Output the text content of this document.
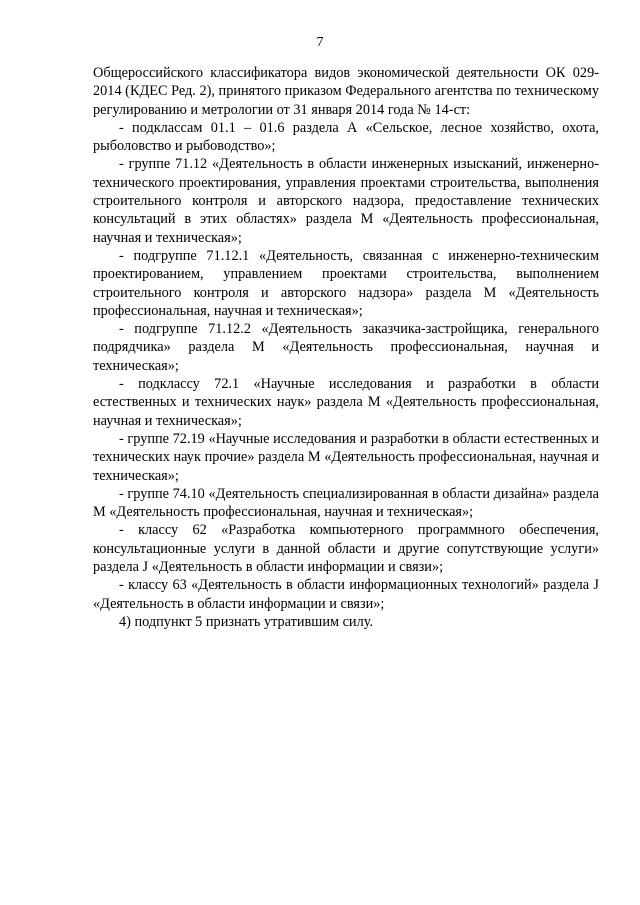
7

Общероссийского классификатора видов экономической деятельности ОК 029-2014 (КДЕС Ред. 2), принятого приказом Федерального агентства по техническому регулированию и метрологии от 31 января 2014 года № 14-ст:

- подклассам 01.1 – 01.6 раздела А «Сельское, лесное хозяйство, охота, рыболовство и рыбоводство»;

- группе 71.12 «Деятельность в области инженерных изысканий, инженерно-технического проектирования, управления проектами строительства, выполнения строительного контроля и авторского надзора, предоставление технических консультаций в этих областях» раздела М «Деятельность профессиональная, научная и техническая»;

- подгруппе 71.12.1 «Деятельность, связанная с инженерно-техническим проектированием, управлением проектами строительства, выполнением строительного контроля и авторского надзора» раздела М «Деятельность профессиональная, научная и техническая»;

- подгруппе 71.12.2 «Деятельность заказчика-застройщика, генерального подрядчика» раздела М «Деятельность профессиональная, научная и техническая»;

- подклассу 72.1 «Научные исследования и разработки в области естественных и технических наук» раздела М «Деятельность профессиональная, научная и техническая»;

- группе 72.19 «Научные исследования и разработки в области естественных и технических наук прочие» раздела М «Деятельность профессиональная, научная и техническая»;

- группе 74.10 «Деятельность специализированная в области дизайна» раздела М «Деятельность профессиональная, научная и техническая»;

- классу 62 «Разработка компьютерного программного обеспечения, консультационные услуги в данной области и другие сопутствующие услуги» раздела J «Деятельность в области информации и связи»;

- классу 63 «Деятельность в области информационных технологий» раздела J «Деятельность в области информации и связи»;

4) подпункт 5 признать утратившим силу.
